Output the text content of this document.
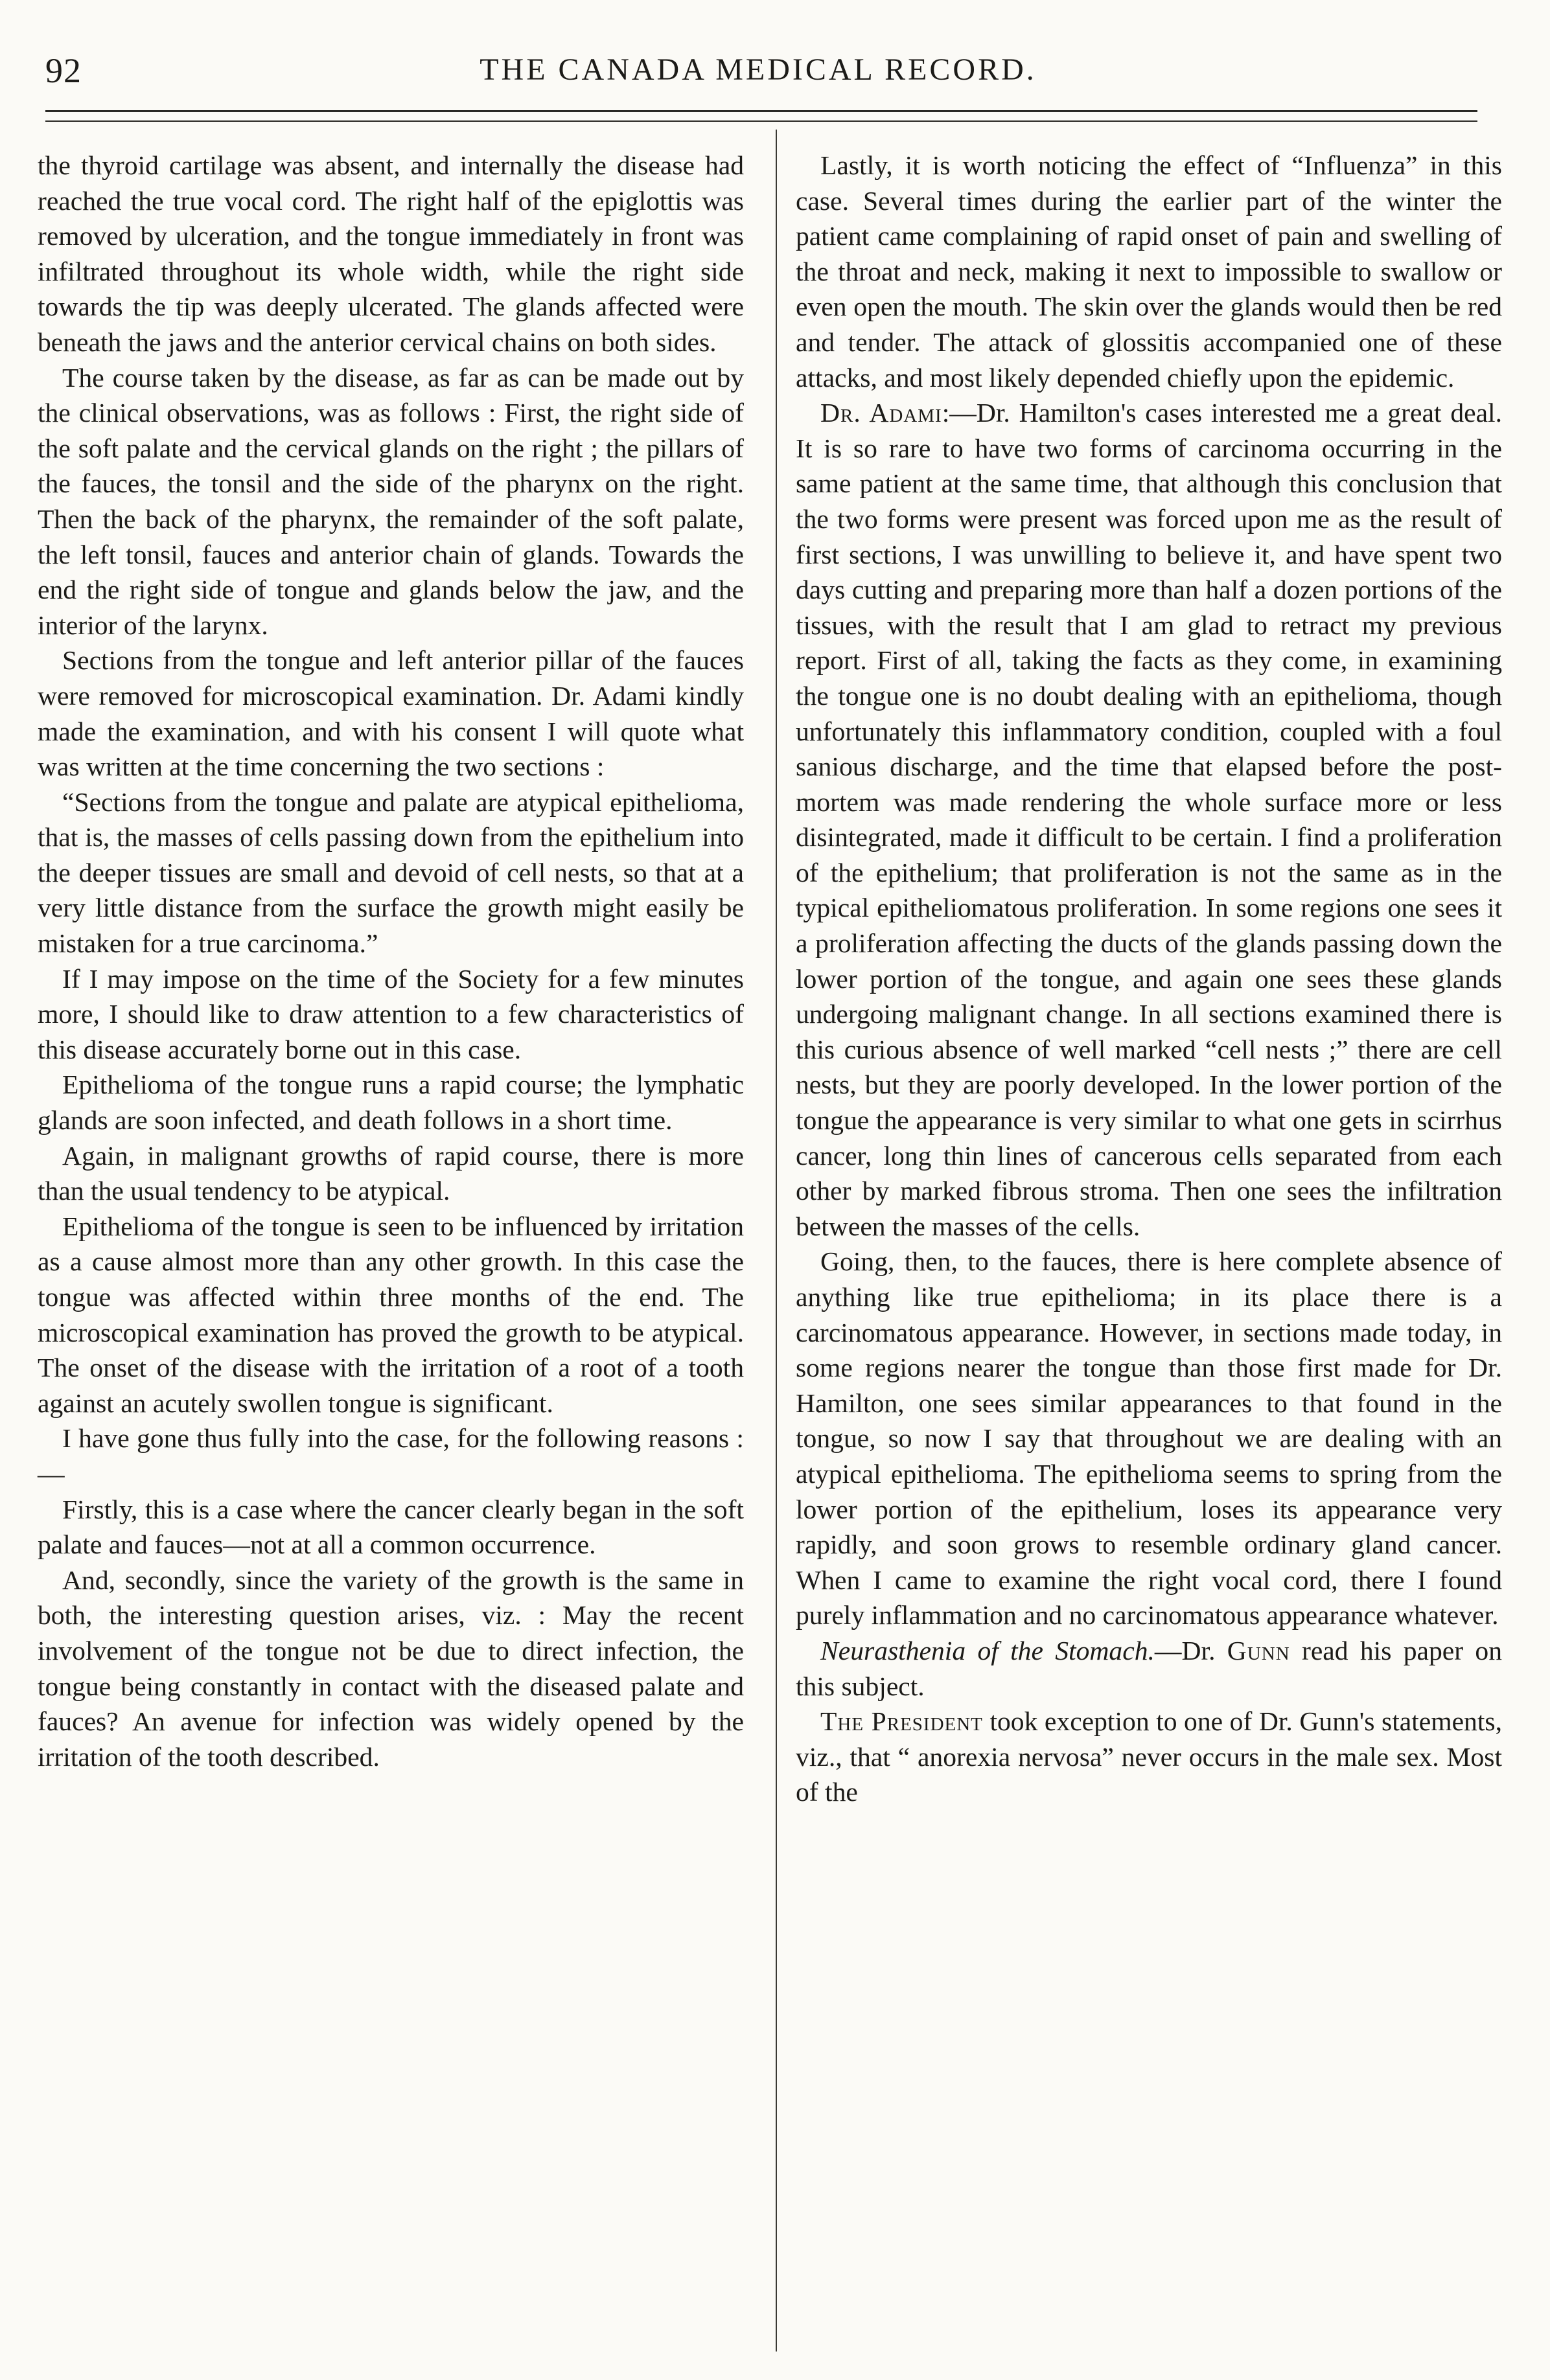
92	THE CANADA MEDICAL RECORD.

the thyroid cartilage was absent, and internally the disease had reached the true vocal cord. The right half of the epiglottis was removed by ulceration, and the tongue immediately in front was infiltrated throughout its whole width, while the right side towards the tip was deeply ulcerated. The glands affected were beneath the jaws and the anterior cervical chains on both sides.

The course taken by the disease, as far as can be made out by the clinical observations, was as follows : First, the right side of the soft palate and the cervical glands on the right ; the pillars of the fauces, the tonsil and the side of the pharynx on the right. Then the back of the pharynx, the remainder of the soft palate, the left tonsil, fauces and anterior chain of glands. Towards the end the right side of tongue and glands below the jaw, and the interior of the larynx.

Sections from the tongue and left anterior pillar of the fauces were removed for microscopical examination. Dr. Adami kindly made the examination, and with his consent I will quote what was written at the time concerning the two sections :

“Sections from the tongue and palate are atypical epithelioma, that is, the masses of cells passing down from the epithelium into the deeper tissues are small and devoid of cell nests, so that at a very little distance from the surface the growth might easily be mistaken for a true carcinoma.”

If I may impose on the time of the Society for a few minutes more, I should like to draw attention to a few characteristics of this disease accurately borne out in this case.

Epithelioma of the tongue runs a rapid course; the lymphatic glands are soon infected, and death follows in a short time.

Again, in malignant growths of rapid course, there is more than the usual tendency to be atypical.

Epithelioma of the tongue is seen to be influenced by irritation as a cause almost more than any other growth. In this case the tongue was affected within three months of the end. The microscopical examination has proved the growth to be atypical. The onset of the disease with the irritation of a root of a tooth against an acutely swollen tongue is significant.

I have gone thus fully into the case, for the following reasons :—

Firstly, this is a case where the cancer clearly began in the soft palate and fauces—not at all a common occurrence.

And, secondly, since the variety of the growth is the same in both, the interesting question arises, viz. : May the recent involvement of the tongue not be due to direct infection, the tongue being constantly in contact with the diseased palate and fauces? An avenue for infection was widely opened by the irritation of the tooth described.

Lastly, it is worth noticing the effect of “Influenza” in this case. Several times during the earlier part of the winter the patient came complaining of rapid onset of pain and swelling of the throat and neck, making it next to impossible to swallow or even open the mouth. The skin over the glands would then be red and tender. The attack of glossitis accompanied one of these attacks, and most likely depended chiefly upon the epidemic.

Dr. Adami:—Dr. Hamilton's cases interested me a great deal. It is so rare to have two forms of carcinoma occurring in the same patient at the same time, that although this conclusion that the two forms were present was forced upon me as the result of first sections, I was unwilling to believe it, and have spent two days cutting and preparing more than half a dozen portions of the tissues, with the result that I am glad to retract my previous report. First of all, taking the facts as they come, in examining the tongue one is no doubt dealing with an epithelioma, though unfortunately this inflammatory condition, coupled with a foul sanious discharge, and the time that elapsed before the post-mortem was made rendering the whole surface more or less disintegrated, made it difficult to be certain. I find a proliferation of the epithelium; that proliferation is not the same as in the typical epitheliomatous proliferation. In some regions one sees it a proliferation affecting the ducts of the glands passing down the lower portion of the tongue, and again one sees these glands undergoing malignant change. In all sections examined there is this curious absence of well marked “cell nests ;” there are cell nests, but they are poorly developed. In the lower portion of the tongue the appearance is very similar to what one gets in scirrhus cancer, long thin lines of cancerous cells separated from each other by marked fibrous stroma. Then one sees the infiltration between the masses of the cells.

Going, then, to the fauces, there is here complete absence of anything like true epithelioma; in its place there is a carcinomatous appearance. However, in sections made today, in some regions nearer the tongue than those first made for Dr. Hamilton, one sees similar appearances to that found in the tongue, so now I say that throughout we are dealing with an atypical epithelioma. The epithelioma seems to spring from the lower portion of the epithelium, loses its appearance very rapidly, and soon grows to resemble ordinary gland cancer. When I came to examine the right vocal cord, there I found purely inflammation and no carcinomatous appearance whatever.

Neurasthenia of the Stomach.—Dr. Gunn read his paper on this subject.

The President took exception to one of Dr. Gunn's statements, viz., that “ anorexia nervosa” never occurs in the male sex. Most of the
